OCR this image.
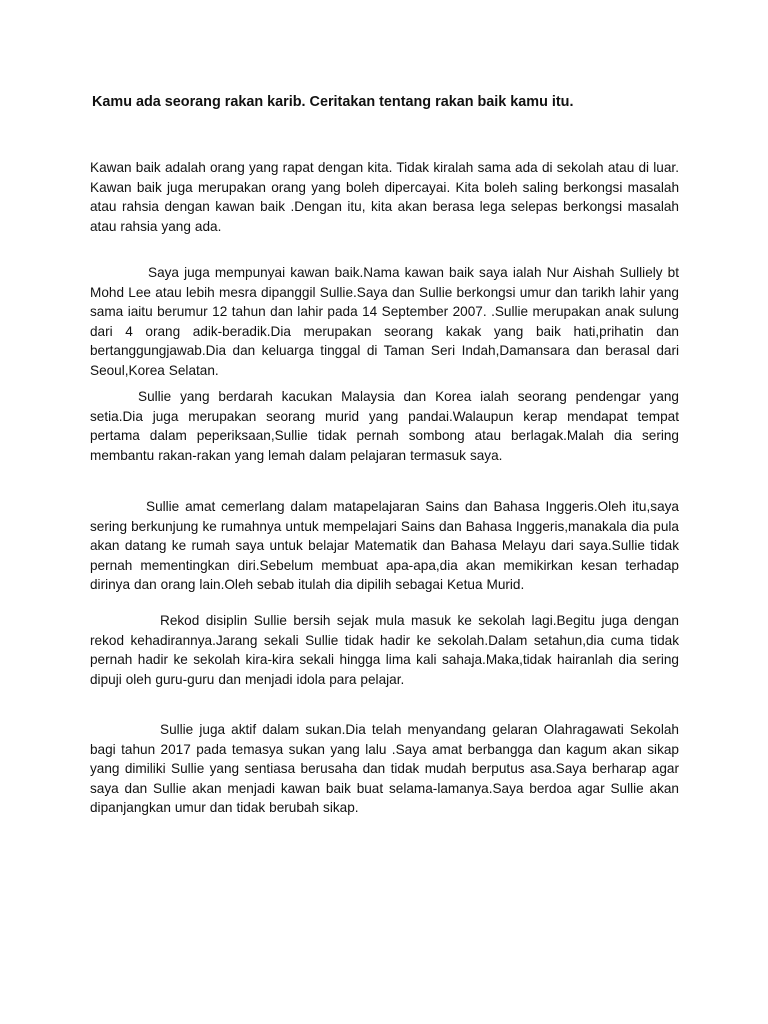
Kamu ada seorang rakan karib. Ceritakan tentang rakan baik kamu itu.

Kawan baik adalah orang yang rapat dengan kita. Tidak kiralah sama ada di sekolah atau di luar. Kawan baik juga merupakan orang yang boleh dipercayai. Kita boleh saling berkongsi masalah atau rahsia dengan kawan baik .Dengan itu, kita akan berasa lega selepas berkongsi masalah atau rahsia yang ada.

Saya juga mempunyai kawan baik.Nama kawan baik saya ialah Nur Aishah Sulliely bt Mohd Lee atau lebih mesra dipanggil Sullie.Saya dan Sullie berkongsi umur dan tarikh lahir yang sama iaitu berumur 12 tahun dan lahir pada 14 September 2007. .Sullie merupakan anak sulung dari 4 orang adik-beradik.Dia merupakan seorang kakak yang baik hati,prihatin dan bertanggungjawab.Dia dan keluarga tinggal di Taman Seri Indah,Damansara dan berasal dari Seoul,Korea Selatan.

Sullie yang berdarah kacukan Malaysia dan Korea ialah seorang pendengar yang setia.Dia juga merupakan seorang murid yang pandai.Walaupun kerap mendapat tempat pertama dalam peperiksaan,Sullie tidak pernah sombong atau berlagak.Malah dia sering membantu rakan-rakan yang lemah dalam pelajaran termasuk saya.

Sullie amat cemerlang dalam matapelajaran Sains dan Bahasa Inggeris.Oleh itu,saya sering berkunjung ke rumahnya untuk mempelajari Sains dan Bahasa Inggeris,manakala dia pula akan datang ke rumah saya untuk belajar Matematik dan Bahasa Melayu dari saya.Sullie tidak pernah mementingkan diri.Sebelum membuat apa-apa,dia akan memikirkan kesan terhadap dirinya dan orang lain.Oleh sebab itulah dia dipilih sebagai Ketua Murid.

Rekod disiplin Sullie bersih sejak mula masuk ke sekolah lagi.Begitu juga dengan rekod kehadirannya.Jarang sekali Sullie tidak hadir ke sekolah.Dalam setahun,dia cuma tidak pernah hadir ke sekolah kira-kira sekali hingga lima kali sahaja.Maka,tidak hairanlah dia sering dipuji oleh guru-guru dan menjadi idola para pelajar.

Sullie juga aktif dalam sukan.Dia telah menyandang gelaran Olahragawati Sekolah bagi tahun 2017 pada temasya sukan yang lalu .Saya amat berbangga dan kagum akan sikap yang dimiliki Sullie yang sentiasa berusaha dan tidak mudah berputus asa.Saya berharap agar saya dan Sullie akan menjadi kawan baik buat selama-lamanya.Saya berdoa agar Sullie akan dipanjangkan umur dan tidak berubah sikap.
